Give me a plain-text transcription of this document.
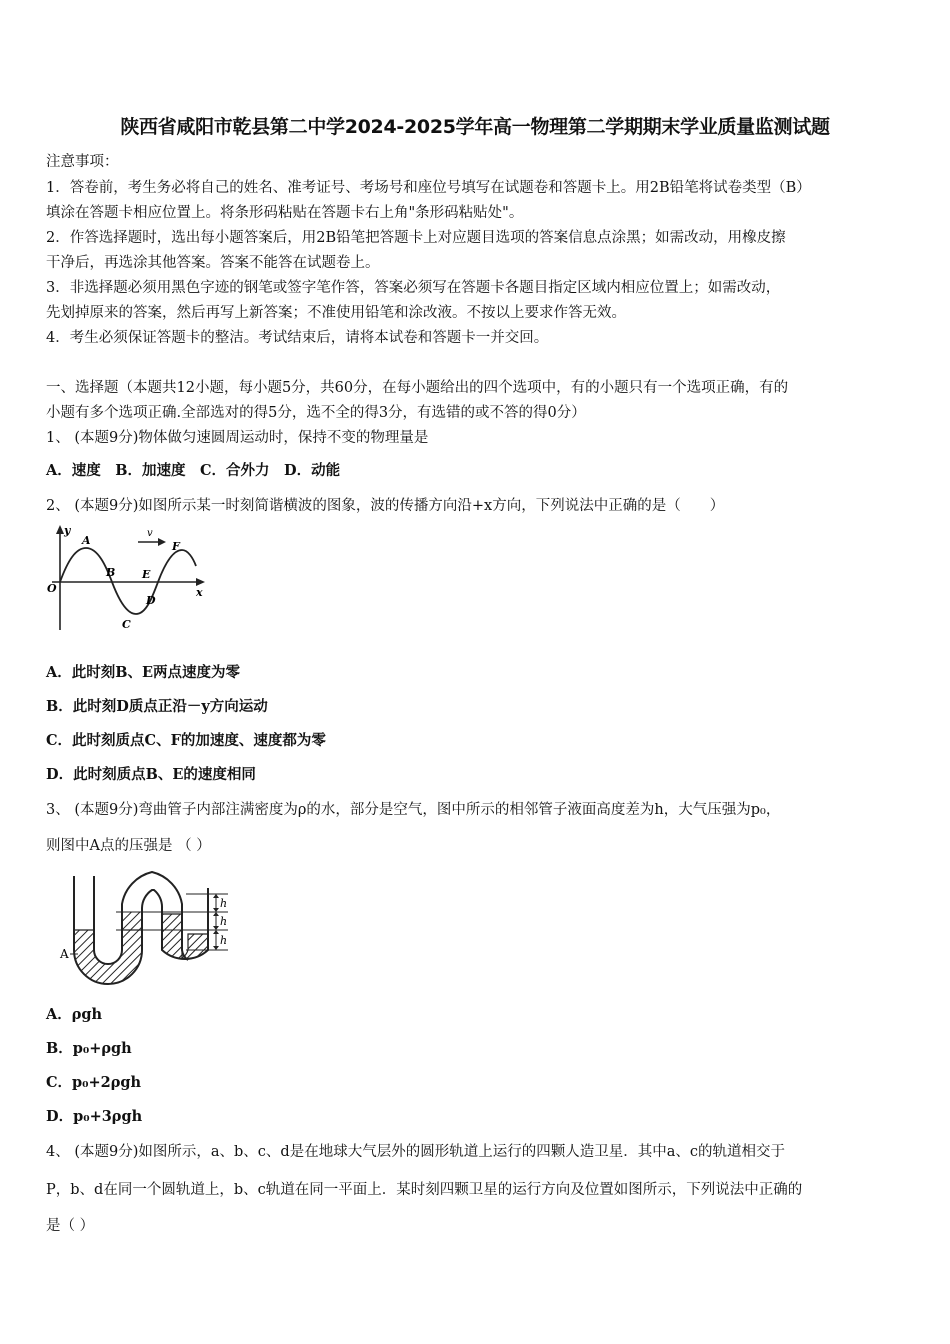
陕西省咸阳市乾县第二中学2024-2025学年高一物理第二学期期末学业质量监测试题
注意事项：
1．答卷前，考生务必将自己的姓名、准考证号、考场号和座位号填写在试题卷和答题卡上。用2B铅笔将试卷类型（B）
填涂在答题卡相应位置上。将条形码粘贴在答题卡右上角"条形码粘贴处"。
2．作答选择题时，选出每小题答案后，用2B铅笔把答题卡上对应题目选项的答案信息点涂黑；如需改动，用橡皮擦
干净后，再选涂其他答案。答案不能答在试题卷上。
3．非选择题必须用黑色字迹的钢笔或签字笔作答，答案必须写在答题卡各题目指定区域内相应位置上；如需改动，
先划掉原来的答案，然后再写上新答案；不准使用铅笔和涂改液。不按以上要求作答无效。
4．考生必须保证答题卡的整洁。考试结束后，请将本试卷和答题卡一并交回。
一、选择题（本题共12小题，每小题5分，共60分，在每小题给出的四个选项中，有的小题只有一个选项正确，有的
小题有多个选项正确.全部选对的得5分，选不全的得3分，有选错的或不答的得0分）
1、 (本题9分)物体做匀速圆周运动时，保持不变的物理量是
A．速度　B．加速度　C．合外力　D．动能
2、 (本题9分)如图所示某一时刻简谐横波的图象，波的传播方向沿+x方向，下列说法中正确的是（　　）
v
y
x
O
A
B
C
D
E
F
A．此时刻B、E两点速度为零
B．此时刻D质点正沿－y方向运动
C．此时刻质点C、F的加速度、速度都为零
D．此时刻质点B、E的速度相同
3、 (本题9分)弯曲管子内部注满密度为ρ的水，部分是空气，图中所示的相邻管子液面高度差为h，大气压强为p₀，
则图中A点的压强是 （ ）
h
h
h
A
A．ρgh
B．p₀+ρgh
C．p₀+2ρgh
D．p₀+3ρgh
4、 (本题9分)如图所示，a、b、c、d是在地球大气层外的圆形轨道上运行的四颗人造卫星．其中a、c的轨道相交于
P，b、d在同一个圆轨道上，b、c轨道在同一平面上．某时刻四颗卫星的运行方向及位置如图所示，下列说法中正确的
是（ ）
